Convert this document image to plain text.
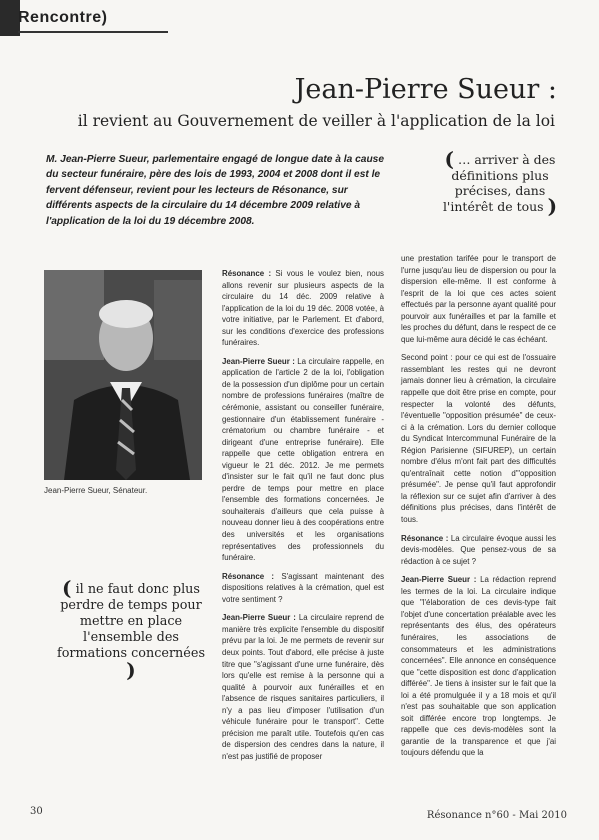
Rencontre)
Jean-Pierre Sueur :
il revient au Gouvernement de veiller à l'application de la loi
M. Jean-Pierre Sueur, parlementaire engagé de longue date à la cause du secteur funéraire, père des lois de 1993, 2004 et 2008 dont il est le fervent défenseur, revient pour les lecteurs de Résonance, sur différents aspects de la circulaire du 14 décembre 2009 relative à l'application de la loi du 19 décembre 2008.
( … arriver à des définitions plus précises, dans l'intérêt de tous )
Jean-Pierre Sueur, Sénateur.
( il ne faut donc plus perdre de temps pour mettre en place l'ensemble des formations concernées )

Résonance : Si vous le voulez bien, nous allons revenir sur plusieurs aspects de la circulaire du 14 déc. 2009 relative à l'application de la loi du 19 déc. 2008 votée, à votre initiative, par le Parlement. Et d'abord, sur les conditions d'exercice des professions funéraires.

Jean-Pierre Sueur : La circulaire rappelle, en application de l'article 2 de la loi, l'obligation de la possession d'un diplôme pour un certain nombre de professions funéraires (maître de cérémonie, assistant ou conseiller funéraire, gestionnaire d'un établissement funéraire - crématorium ou chambre funéraire - et dirigeant d'une entreprise funéraire). Elle rappelle que cette obligation entrera en vigueur le 21 déc. 2012. Je me permets d'insister sur le fait qu'il ne faut donc plus perdre de temps pour mettre en place l'ensemble des formations concernées. Je souhaiterais d'ailleurs que cela puisse à nouveau donner lieu à des coopérations entre des universités et les organisations représentatives des professionnels du funéraire.

Résonance : S'agissant maintenant des dispositions relatives à la crémation, quel est votre sentiment ?

Jean-Pierre Sueur : La circulaire reprend de manière très explicite l'ensemble du dispositif prévu par la loi. Je me permets de revenir sur deux points. Tout d'abord, elle précise à juste titre que "s'agissant d'une urne funéraire, dès lors qu'elle est remise à la personne qui a qualité à pourvoir aux funérailles et en l'absence de risques sanitaires particuliers, il n'y a pas lieu d'imposer l'utilisation d'un véhicule funéraire pour le transport". Cette précision me paraît utile. Toutefois qu'en cas de dispersion des cendres dans la nature, il n'est pas justifié de proposer

une prestation tarifée pour le transport de l'urne jusqu'au lieu de dispersion ou pour la dispersion elle-même. Il est conforme à l'esprit de la loi que ces actes soient effectués par la personne ayant qualité pour pourvoir aux funérailles et par la famille et les proches du défunt, dans le respect de ce que lui-même aura décidé le cas échéant.

Second point : pour ce qui est de l'ossuaire rassemblant les restes qui ne devront jamais donner lieu à crémation, la circulaire rappelle que doit être prise en compte, pour respecter la volonté des défunts, l'éventuelle "opposition présumée" de ceux-ci à la crémation. Lors du dernier colloque du Syndicat Intercommunal Funéraire de la Région Parisienne (SIFUREP), un certain nombre d'élus m'ont fait part des difficultés qu'entraînait cette notion d'"opposition présumée". Je pense qu'il faut approfondir la réflexion sur ce sujet afin d'arriver à des définitions plus précises, dans l'intérêt de tous.

Résonance : La circulaire évoque aussi les devis-modèles. Que pensez-vous de sa rédaction à ce sujet ?

Jean-Pierre Sueur : La rédaction reprend les termes de la loi. La circulaire indique que "l'élaboration de ces devis-type fait l'objet d'une concertation préalable avec les représentants des élus, des opérateurs funéraires, les associations de consommateurs et les administrations concernées". Elle annonce en conséquence que "cette disposition est donc d'application différée". Je tiens à insister sur le fait que la loi a été promulguée il y a 18 mois et qu'il n'est pas souhaitable que son application soit différée encore trop longtemps. Je rappelle que ces devis-modèles sont la garantie de la transparence et que j'ai toujours défendu que la

30	Résonance n°60 - Mai 2010
